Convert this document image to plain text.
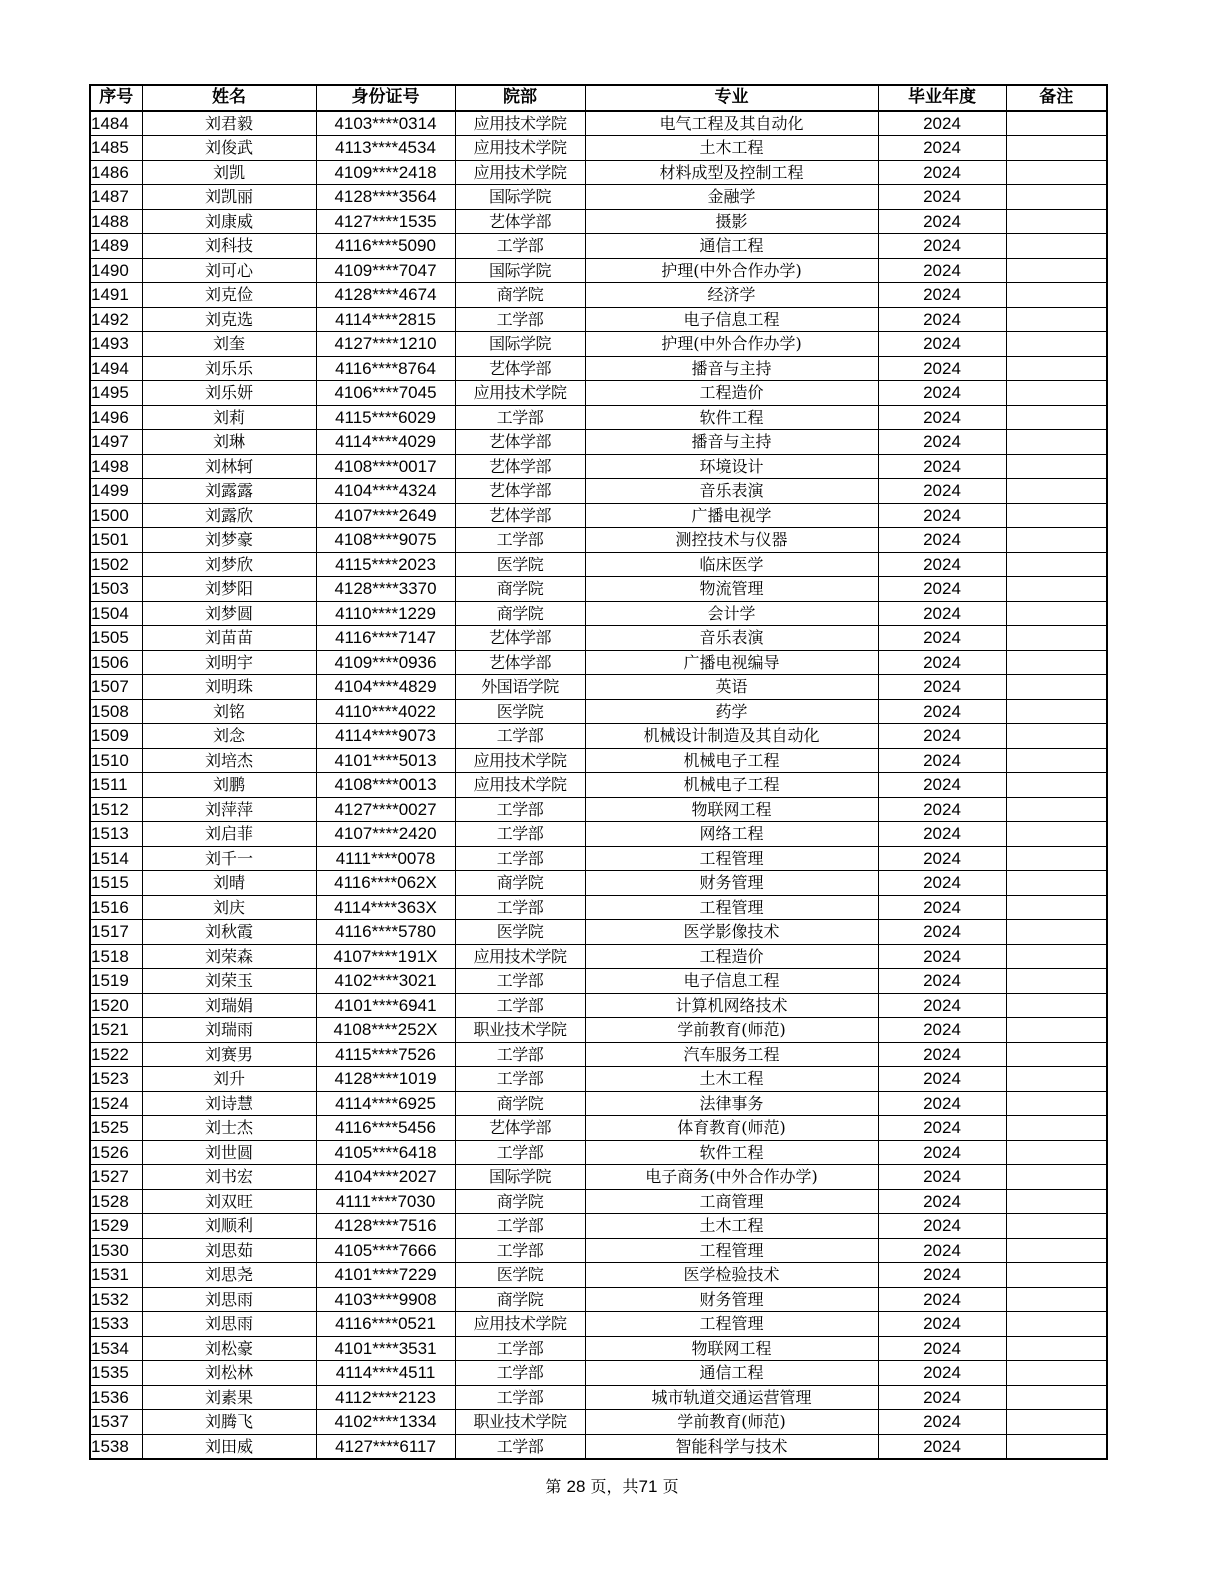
序号	姓名	身份证号	院部	专业	毕业年度	备注
1484	刘君毅	4103****0314	应用技术学院	电气工程及其自动化	2024	
1485	刘俊武	4113****4534	应用技术学院	土木工程	2024	
1486	刘凯	4109****2418	应用技术学院	材料成型及控制工程	2024	
1487	刘凯丽	4128****3564	国际学院	金融学	2024	
1488	刘康威	4127****1535	艺体学部	摄影	2024	
1489	刘科技	4116****5090	工学部	通信工程	2024	
1490	刘可心	4109****7047	国际学院	护理(中外合作办学)	2024	
1491	刘克俭	4128****4674	商学院	经济学	2024	
1492	刘克选	4114****2815	工学部	电子信息工程	2024	
1493	刘奎	4127****1210	国际学院	护理(中外合作办学)	2024	
1494	刘乐乐	4116****8764	艺体学部	播音与主持	2024	
1495	刘乐妍	4106****7045	应用技术学院	工程造价	2024	
1496	刘莉	4115****6029	工学部	软件工程	2024	
1497	刘琳	4114****4029	艺体学部	播音与主持	2024	
1498	刘林轲	4108****0017	艺体学部	环境设计	2024	
1499	刘露露	4104****4324	艺体学部	音乐表演	2024	
1500	刘露欣	4107****2649	艺体学部	广播电视学	2024	
1501	刘梦豪	4108****9075	工学部	测控技术与仪器	2024	
1502	刘梦欣	4115****2023	医学院	临床医学	2024	
1503	刘梦阳	4128****3370	商学院	物流管理	2024	
1504	刘梦圆	4110****1229	商学院	会计学	2024	
1505	刘苗苗	4116****7147	艺体学部	音乐表演	2024	
1506	刘明宇	4109****0936	艺体学部	广播电视编导	2024	
1507	刘明珠	4104****4829	外国语学院	英语	2024	
1508	刘铭	4110****4022	医学院	药学	2024	
1509	刘念	4114****9073	工学部	机械设计制造及其自动化	2024	
1510	刘培杰	4101****5013	应用技术学院	机械电子工程	2024	
1511	刘鹏	4108****0013	应用技术学院	机械电子工程	2024	
1512	刘萍萍	4127****0027	工学部	物联网工程	2024	
1513	刘启菲	4107****2420	工学部	网络工程	2024	
1514	刘千一	4111****0078	工学部	工程管理	2024	
1515	刘晴	4116****062X	商学院	财务管理	2024	
1516	刘庆	4114****363X	工学部	工程管理	2024	
1517	刘秋霞	4116****5780	医学院	医学影像技术	2024	
1518	刘荣森	4107****191X	应用技术学院	工程造价	2024	
1519	刘荣玉	4102****3021	工学部	电子信息工程	2024	
1520	刘瑞娟	4101****6941	工学部	计算机网络技术	2024	
1521	刘瑞雨	4108****252X	职业技术学院	学前教育(师范)	2024	
1522	刘赛男	4115****7526	工学部	汽车服务工程	2024	
1523	刘升	4128****1019	工学部	土木工程	2024	
1524	刘诗慧	4114****6925	商学院	法律事务	2024	
1525	刘士杰	4116****5456	艺体学部	体育教育(师范)	2024	
1526	刘世圆	4105****6418	工学部	软件工程	2024	
1527	刘书宏	4104****2027	国际学院	电子商务(中外合作办学)	2024	
1528	刘双旺	4111****7030	商学院	工商管理	2024	
1529	刘顺利	4128****7516	工学部	土木工程	2024	
1530	刘思茹	4105****7666	工学部	工程管理	2024	
1531	刘思尧	4101****7229	医学院	医学检验技术	2024	
1532	刘思雨	4103****9908	商学院	财务管理	2024	
1533	刘思雨	4116****0521	应用技术学院	工程管理	2024	
1534	刘松豪	4101****3531	工学部	物联网工程	2024	
1535	刘松林	4114****4511	工学部	通信工程	2024	
1536	刘素果	4112****2123	工学部	城市轨道交通运营管理	2024	
1537	刘腾飞	4102****1334	职业技术学院	学前教育(师范)	2024	
1538	刘田威	4127****6117	工学部	智能科学与技术	2024	
第 28 页，共71 页
